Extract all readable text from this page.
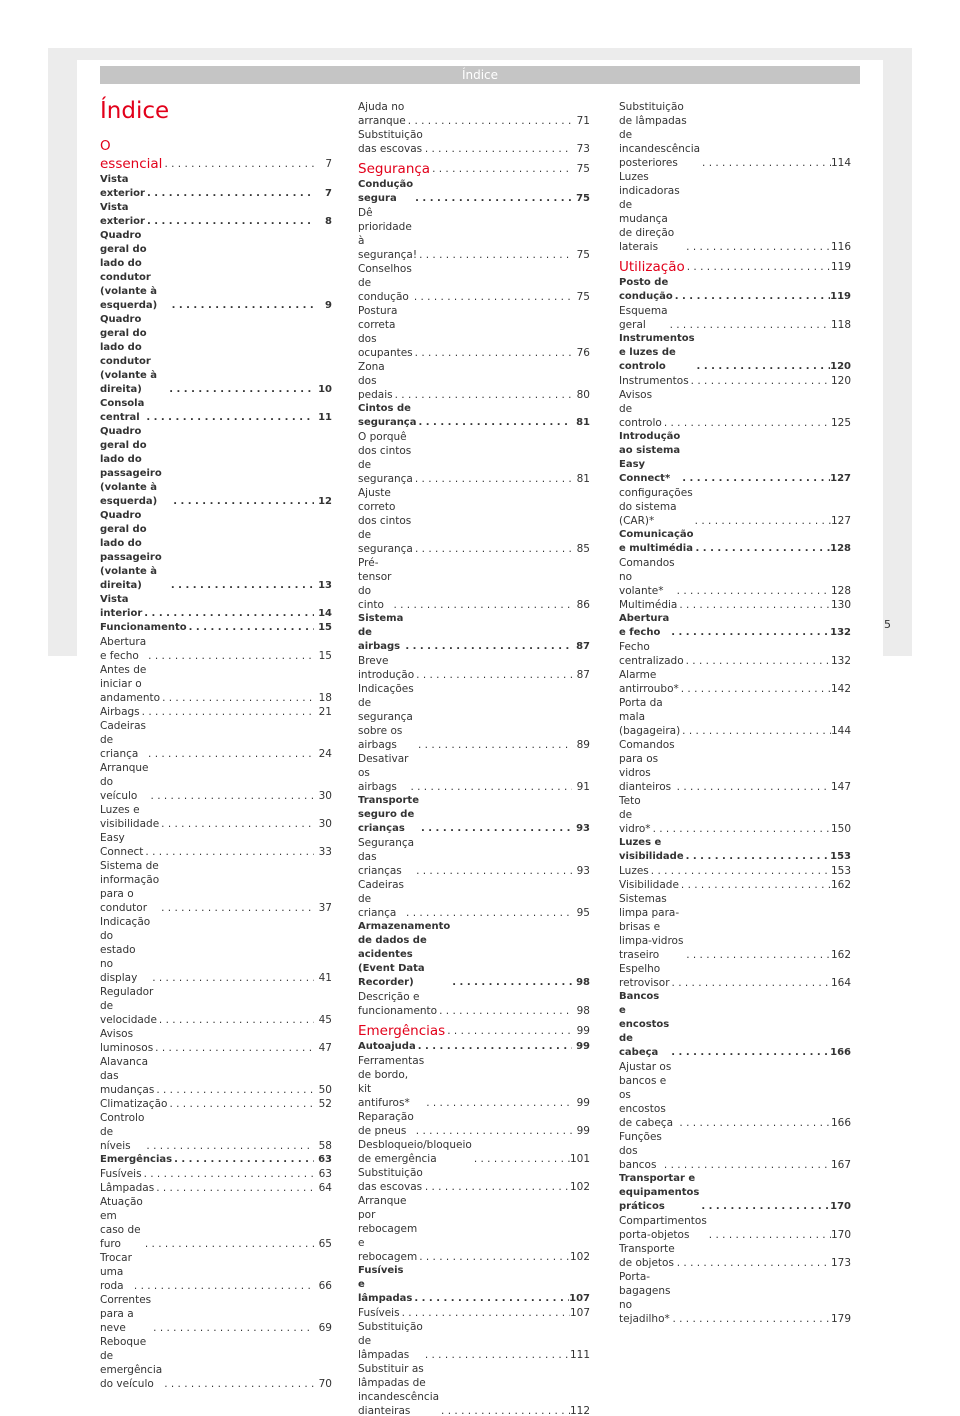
Índice
Índice
O essencial . . .	7
Vista exterior . . .	7
Vista exterior . . .	8
Quadro geral do lado do condutor (volante à esquerda) . . .	9
Quadro geral do lado do condutor (volante à direita) . . .	10
Consola central . . .	11
Quadro geral do lado do passageiro (volante à esquerda) . . .	12
Quadro geral do lado do passageiro (volante à direita) . . .	13
Vista interior . . .	14
Funcionamento . . .	15
Abertura e fecho . . .	15
Antes de iniciar o andamento . . .	18
Airbags . . .	21
Cadeiras de criança . . .	24
Arranque do veículo . . .	30
Luzes e visibilidade . . .	30
Easy Connect . . .	33
Sistema de informação para o condutor . . .	37
Indicação do estado no display . . .	41
Regulador de velocidade . . .	45
Avisos luminosos . . .	47
Alavanca das mudanças . . .	50
Climatização . . .	52
Controlo de níveis . . .	58
Emergências . . .	63
Fusíveis . . .	63
Lâmpadas . . .	64
Atuação em caso de furo . . .	65
Trocar uma roda . . .	66
Correntes para a neve . . .	69
Reboque de emergência do veículo . . .	70
Ajuda no arranque . . .	71
Substituição das escovas . . .	73
Segurança . . .	75
Condução segura . . .	75
Dê prioridade à segurança! . . .	75
Conselhos de condução . . .	75
Postura correta dos ocupantes . . .	76
Zona dos pedais . . .	80
Cintos de segurança . . .	81
O porquê dos cintos de segurança . . .	81
Ajuste correto dos cintos de segurança . . .	85
Pré-tensor do cinto . . .	86
Sistema de airbags . . .	87
Breve introdução . . .	87
Indicações de segurança sobre os airbags . . .	89
Desativar os airbags . . .	91
Transporte seguro de crianças . . .	93
Segurança das crianças . . .	93
Cadeiras de criança . . .	95
Armazenamento de dados de acidentes (Event Data Recorder) . . .	98
Descrição e funcionamento . . .	98
Emergências . . .	99
Autoajuda . . .	99
Ferramentas de bordo, kit antifuros* . . .	99
Reparação de pneus . . .	99
Desbloqueio/bloqueio de emergência . . .	101
Substituição das escovas . . .	102
Arranque por rebocagem e rebocagem . . .	102
Fusíveis e lâmpadas . . .	107
Fusíveis . . .	107
Substituição de lâmpadas . . .	111
Substituir as lâmpadas de incandescência dianteiras . . .	112
Substituição de lâmpadas de incandescência posteriores . . .	114
Luzes indicadoras de mudança de direção laterais . . .	116
Utilização . . .	119
Posto de condução . . .	119
Esquema geral . . .	118
Instrumentos e luzes de controlo . . .	120
Instrumentos . . .	120
Avisos de controlo . . .	125
Introdução ao sistema Easy Connect* . . .	127
configurações do sistema (CAR)* . . .	127
Comunicação e multimédia . . .	128
Comandos no volante* . . .	128
Multimédia . . .	130
Abertura e fecho . . .	132
Fecho centralizado . . .	132
Alarme antirroubo* . . .	142
Porta da mala (bagageira) . . .	144
Comandos para os vidros dianteiros . . .	147
Teto de vidro* . . .	150
Luzes e visibilidade . . .	153
Luzes . . .	153
Visibilidade . . .	162
Sistemas limpa para-brisas e limpa-vidros traseiro . . .	162
Espelho retrovisor . . .	164
Bancos e encostos de cabeça . . .	166
Ajustar os bancos e os encostos de cabeça . . .	166
Funções dos bancos . . .	167
Transportar e equipamentos práticos . . .	170
Compartimentos porta-objetos . . .	170
Transporte de objetos . . .	173
Porta-bagagens no tejadilho* . . .	179
5
